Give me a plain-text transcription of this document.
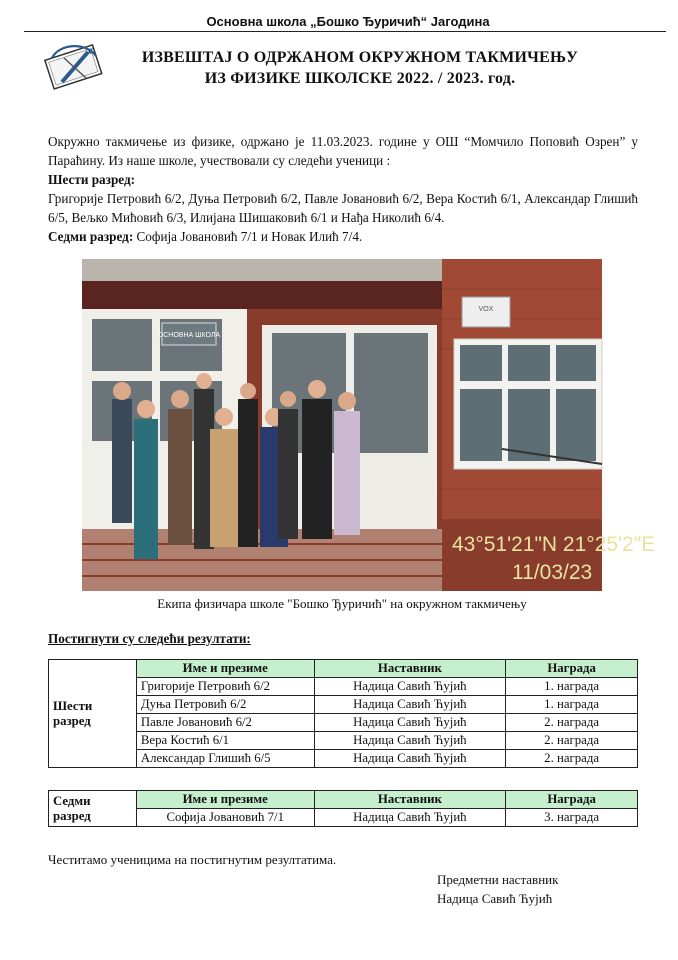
Основна школа „Бошко Ђуричић“ Јагодина
ИЗВЕШТАЈ О ОДРЖАНОМ ОКРУЖНОМ ТАКМИЧЕЊУ
ИЗ ФИЗИКЕ ШКОЛСКЕ 2022. / 2023. год.

Окружно такмичење из физике, одржано је 11.03.2023. године у ОШ “Момчило Поповић Озрен” у Параћину. Из наше школе, учествовали су следећи ученици :

Шести разред:

Григорије Петровић 6/2, Дуња Петровић 6/2, Павле Јовановић 6/2, Вера Костић 6/1, Александар Глишић 6/5, Вељко Мићовић 6/3, Илијана Шишаковић 6/1 и Нађа Николић 6/4.

Седми разред: Софија Јовановић 7/1 и Новак Илић 7/4.

VOX
ОСНОВНА ШКОЛА
43°51'21"N 21°25'2"E
11/03/23
Екипа физичара школе "Бошко Ђуричић" на окружном такмичењу
Постигнути су следећи резултати:
Шести
разред	Име и презиме	Наставник	Награда
	Григорије Петровић 6/2	Надица Савић Ћујић	1. награда
	Дуња Петровић 6/2	Надица Савић Ћујић	1. награда
	Павле Јовановић 6/2	Надица Савић Ћујић	2. награда
	Вера Костић 6/1	Надица Савић Ћујић	2. награда
	Александар Глишић 6/5	Надица Савић Ћујић	2. награда
Седми
разред	Име и презиме	Наставник	Награда
	Софија Јовановић 7/1	Надица Савић Ћујић	3. награда
Честитамо ученицима на постигнутим резултатима.
Предметни наставник
Надица Савић Ћујић
